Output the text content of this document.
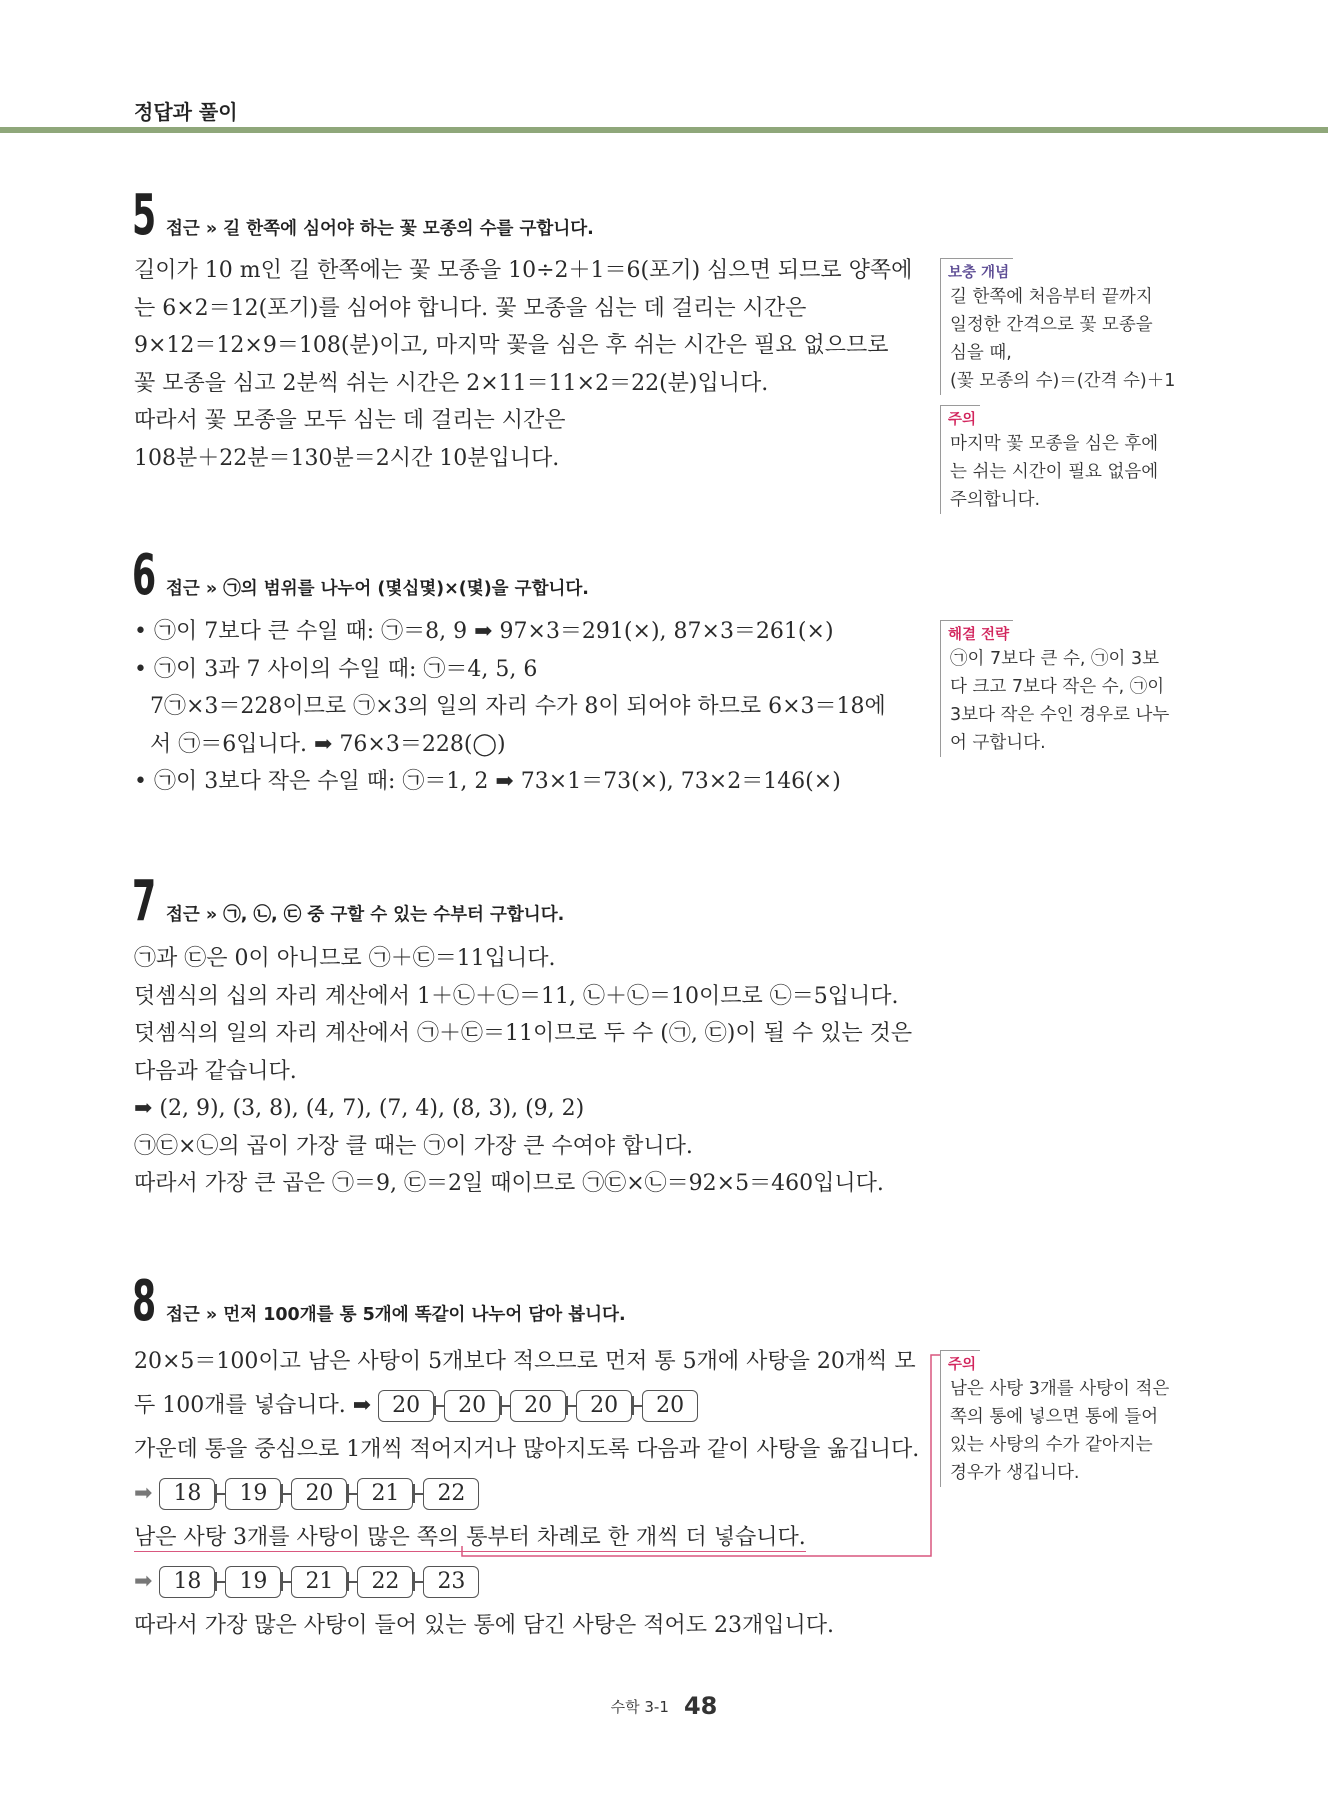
정답과 풀이
5 접근 » 길 한쪽에 심어야 하는 꽃 모종의 수를 구합니다.
길이가 10 m인 길 한쪽에는 꽃 모종을 10÷2＋1＝6(포기) 심으면 되므로 양쪽에
는 6×2＝12(포기)를 심어야 합니다. 꽃 모종을 심는 데 걸리는 시간은
9×12＝12×9＝108(분)이고, 마지막 꽃을 심은 후 쉬는 시간은 필요 없으므로
꽃 모종을 심고 2분씩 쉬는 시간은 2×11＝11×2＝22(분)입니다.
따라서 꽃 모종을 모두 심는 데 걸리는 시간은
108분＋22분＝130분＝2시간 10분입니다.
보충 개념
길 한쪽에 처음부터 끝까지
일정한 간격으로 꽃 모종을
심을 때,
(꽃 모종의 수)＝(간격 수)＋1
주의
마지막 꽃 모종을 심은 후에
는 쉬는 시간이 필요 없음에
주의합니다.
6 접근 » ㉠의 범위를 나누어 (몇십몇)×(몇)을 구합니다.
• ㉠이 7보다 큰 수일 때: ㉠＝8, 9 ➡ 97×3＝291(×), 87×3＝261(×)
• ㉠이 3과 7 사이의 수일 때: ㉠＝4, 5, 6
7㉠×3＝228이므로 ㉠×3의 일의 자리 수가 8이 되어야 하므로 6×3＝18에
서 ㉠＝6입니다. ➡ 76×3＝228(◯)
• ㉠이 3보다 작은 수일 때: ㉠＝1, 2 ➡ 73×1＝73(×), 73×2＝146(×)
해결 전략
㉠이 7보다 큰 수, ㉠이 3보
다 크고 7보다 작은 수, ㉠이
3보다 작은 수인 경우로 나누
어 구합니다.
7 접근 » ㉠, ㉡, ㉢ 중 구할 수 있는 수부터 구합니다.
㉠과 ㉢은 0이 아니므로 ㉠＋㉢＝11입니다.
덧셈식의 십의 자리 계산에서 1＋㉡＋㉡＝11, ㉡＋㉡＝10이므로 ㉡＝5입니다.
덧셈식의 일의 자리 계산에서 ㉠＋㉢＝11이므로 두 수 (㉠, ㉢)이 될 수 있는 것은
다음과 같습니다.
➡ (2, 9), (3, 8), (4, 7), (7, 4), (8, 3), (9, 2)
㉠㉢×㉡의 곱이 가장 클 때는 ㉠이 가장 큰 수여야 합니다.
따라서 가장 큰 곱은 ㉠＝9, ㉢＝2일 때이므로 ㉠㉢×㉡＝92×5＝460입니다.
8 접근 » 먼저 100개를 통 5개에 똑같이 나누어 담아 봅니다.
20×5＝100이고 남은 사탕이 5개보다 적으므로 먼저 통 5개에 사탕을 20개씩 모
두 100개를 넣습니다. ➡ 20	20	20	20	20
가운데 통을 중심으로 1개씩 적어지거나 많아지도록 다음과 같이 사탕을 옮깁니다.
➡ 18	19	20	21	22
남은 사탕 3개를 사탕이 많은 쪽의 통부터 차례로 한 개씩 더 넣습니다.
➡ 18	19	21	22	23
따라서 가장 많은 사탕이 들어 있는 통에 담긴 사탕은 적어도 23개입니다.
주의
남은 사탕 3개를 사탕이 적은
쪽의 통에 넣으면 통에 들어
있는 사탕의 수가 같아지는
경우가 생깁니다.
수학 3-1 48
